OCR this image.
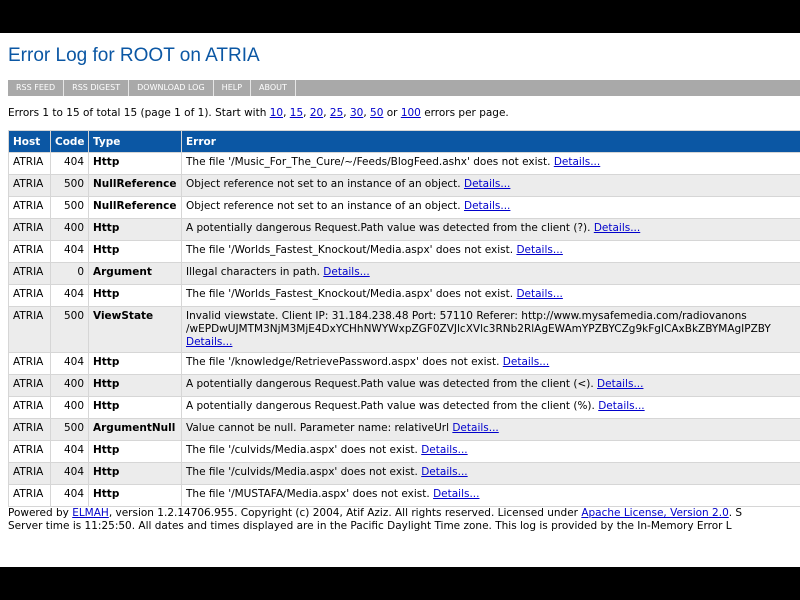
Error Log for ROOT on ATRIA
RSS FEED	RSS DIGEST	DOWNLOAD LOG	HELP	ABOUT
Errors 1 to 15 of total 15 (page 1 of 1). Start with 10, 15, 20, 25, 30, 50 or 100 errors per page.
Host	Code	Type	Error
ATRIA	404	Http	The file '/Music_For_The_Cure/~/Feeds/BlogFeed.ashx' does not exist. Details...
ATRIA	500	NullReference	Object reference not set to an instance of an object. Details...
ATRIA	500	NullReference	Object reference not set to an instance of an object. Details...
ATRIA	400	Http	A potentially dangerous Request.Path value was detected from the client (?). Details...
ATRIA	404	Http	The file '/Worlds_Fastest_Knockout/Media.aspx' does not exist. Details...
ATRIA	0	Argument	Illegal characters in path. Details...
ATRIA	404	Http	The file '/Worlds_Fastest_Knockout/Media.aspx' does not exist. Details...
ATRIA	500	ViewState	Invalid viewstate. Client IP: 31.184.238.48 Port: 57110 Referer: http://www.mysafemedia.com/radiovanons
/wEPDwUJMTM3NjM3MjE4DxYCHhNWYWxpZGF0ZVJlcXVlc3RNb2RlAgEWAmYPZBYCZg9kFgICAxBkZBYMAgIPZBY
Details...

ATRIA	404	Http	The file '/knowledge/RetrievePassword.aspx' does not exist. Details...
ATRIA	400	Http	A potentially dangerous Request.Path value was detected from the client (<). Details...
ATRIA	400	Http	A potentially dangerous Request.Path value was detected from the client (%). Details...
ATRIA	500	ArgumentNull	Value cannot be null. Parameter name: relativeUrl Details...
ATRIA	404	Http	The file '/culvids/Media.aspx' does not exist. Details...
ATRIA	404	Http	The file '/culvids/Media.aspx' does not exist. Details...
ATRIA	404	Http	The file '/MUSTAFA/Media.aspx' does not exist. Details...
Powered by ELMAH, version 1.2.14706.955. Copyright (c) 2004, Atif Aziz. All rights reserved. Licensed under Apache License, Version 2.0. S
Server time is 11:25:50. All dates and times displayed are in the Pacific Daylight Time zone. This log is provided by the In-Memory Error L
